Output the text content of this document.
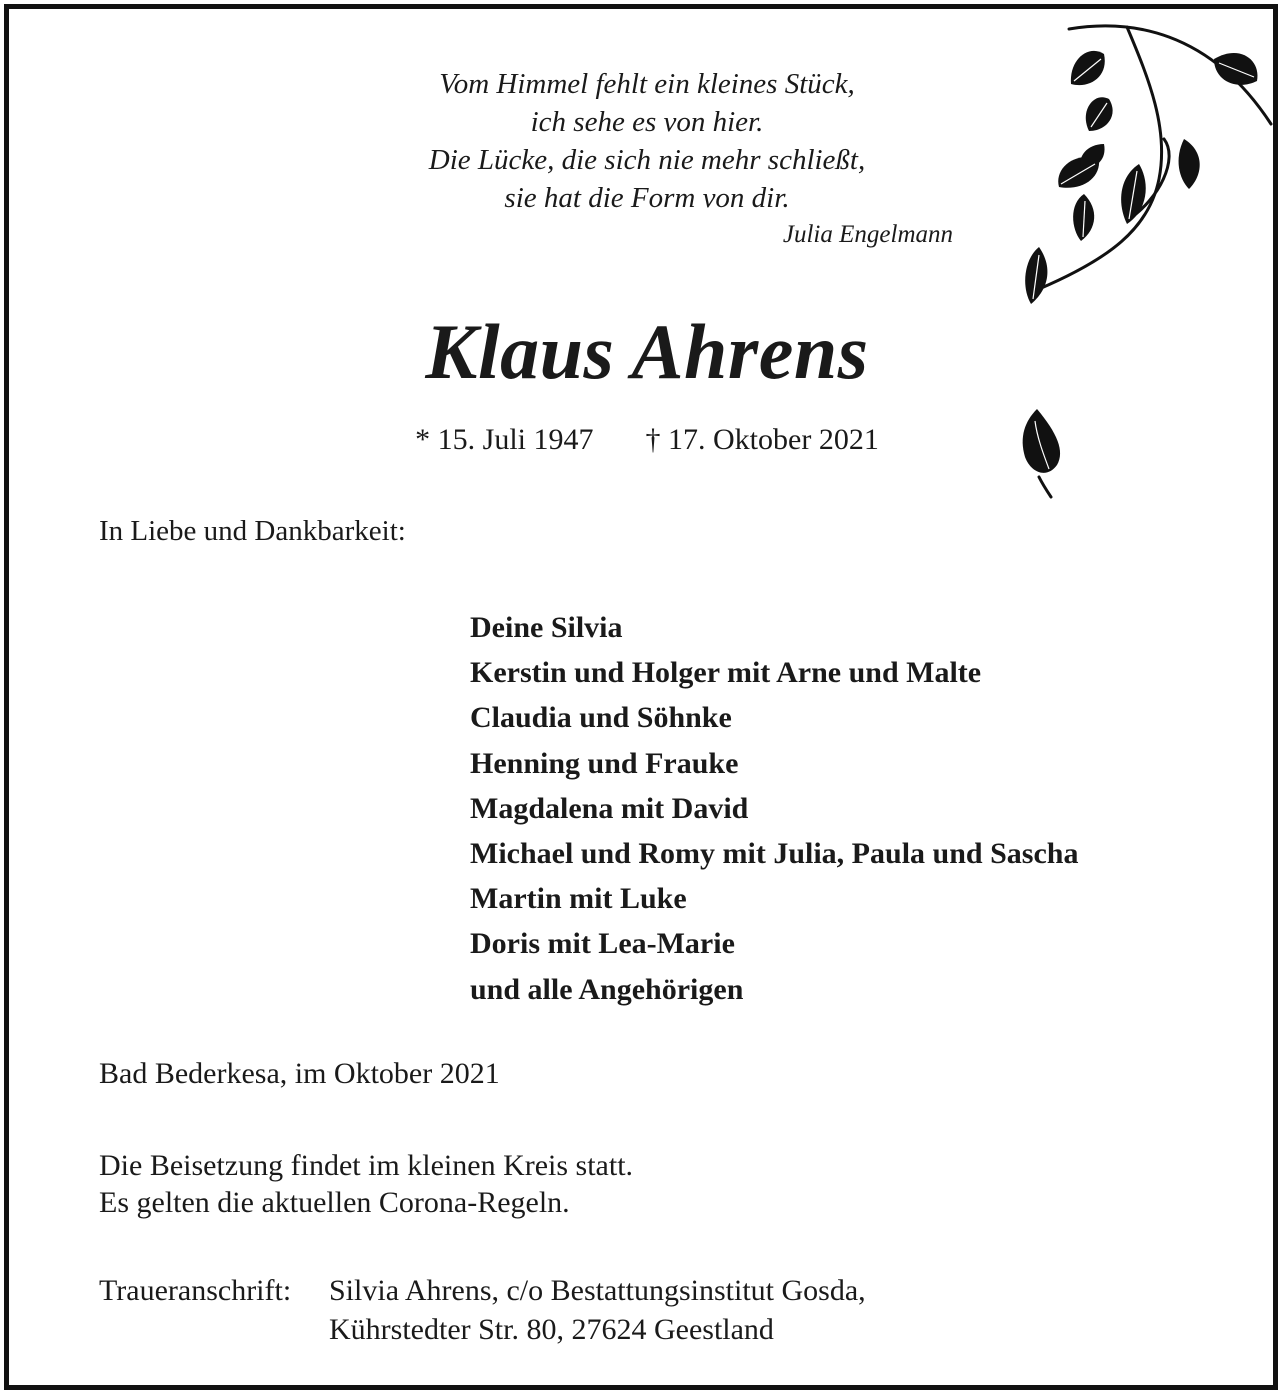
Vom Himmel fehlt ein kleines Stück,
ich sehe es von hier.
Die Lücke, die sich nie mehr schließt,
sie hat die Form von dir.
Julia Engelmann
Klaus Ahrens
* 15. Juli 1947 † 17. Oktober 2021
In Liebe und Dankbarkeit:
Deine Silvia
Kerstin und Holger mit Arne und Malte
Claudia und Söhnke
Henning und Frauke
Magdalena mit David
Michael und Romy mit Julia, Paula und Sascha
Martin mit Luke
Doris mit Lea-Marie
und alle Angehörigen
Bad Bederkesa, im Oktober 2021
Die Beisetzung findet im kleinen Kreis statt.
Es gelten die aktuellen Corona-Regeln.
Traueranschrift: Silvia Ahrens, c/o Bestattungsinstitut Gosda,
Kührstedter Str. 80, 27624 Geestland
